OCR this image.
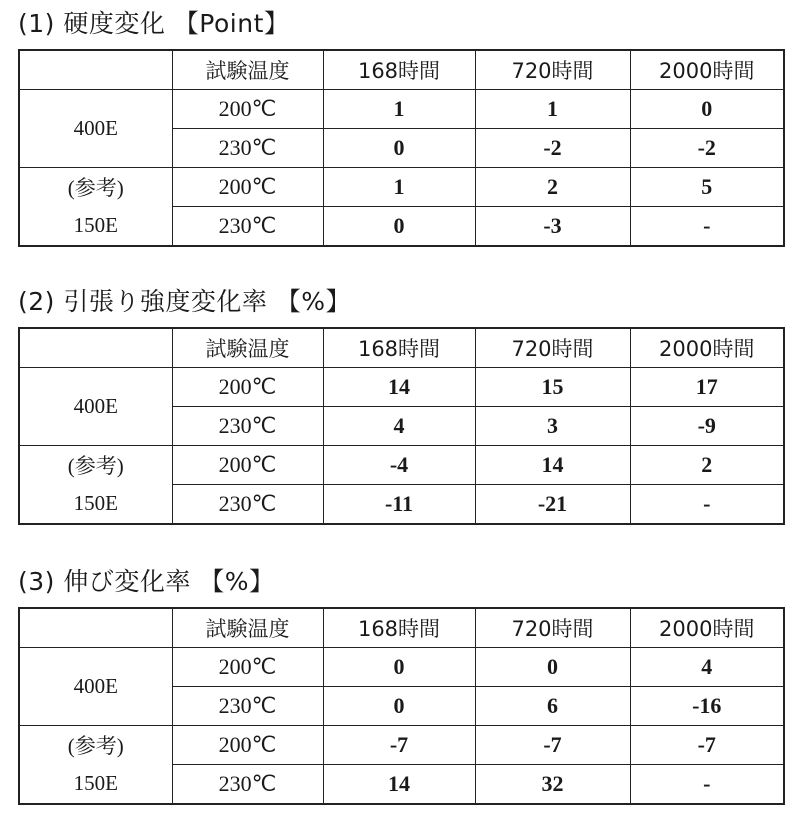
(1) 硬度変化 【Point】
	試験温度	168時間	720時間	2000時間
400E	200℃	1	1	0
	230℃	0	-2	-2
(参考)	200℃	1	2	5
150E	230℃	0	-3	-
(2) 引張り強度変化率 【%】
	試験温度	168時間	720時間	2000時間
400E	200℃	14	15	17
	230℃	4	3	-9
(参考)	200℃	-4	14	2
150E	230℃	-11	-21	-
(3) 伸び変化率 【%】
	試験温度	168時間	720時間	2000時間
400E	200℃	0	0	4
	230℃	0	6	-16
(参考)	200℃	-7	-7	-7
150E	230℃	14	32	-
